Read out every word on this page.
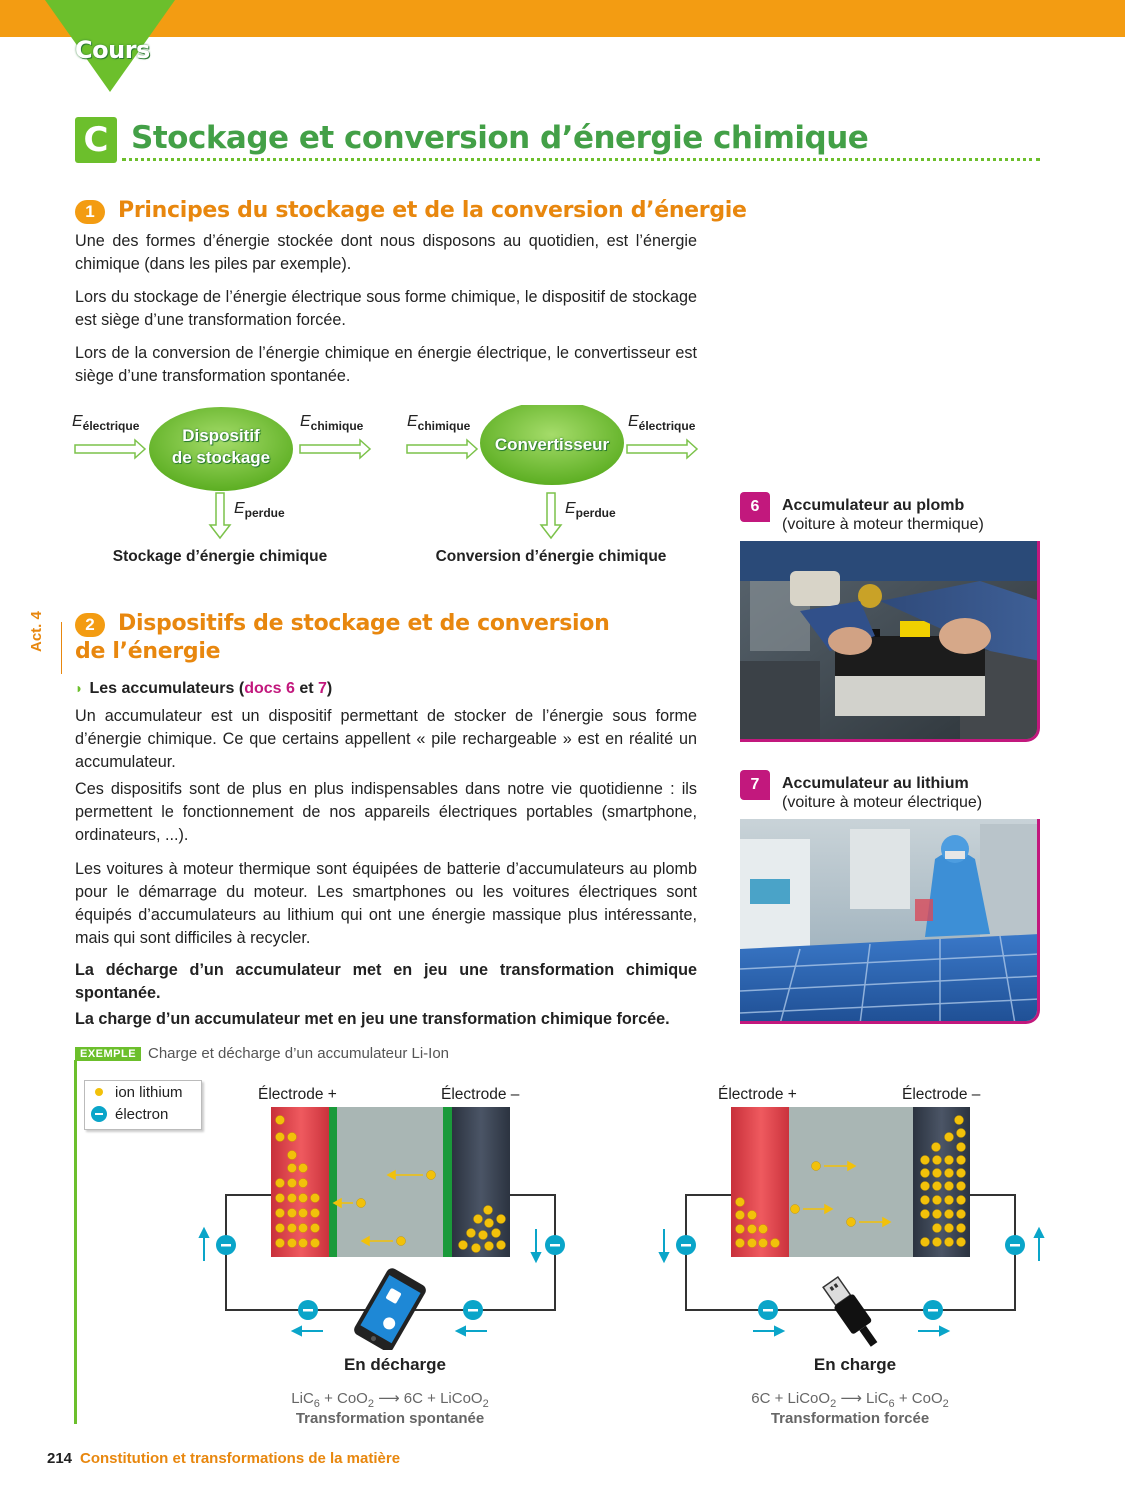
Cours
C Stockage et conversion d’énergie chimique
1	Principes du stockage et de la conversion d’énergie

Une des formes d’énergie stockée dont nous disposons au quotidien, est l’énergie chimique (dans les piles par exemple).

Lors du stockage de l’énergie électrique sous forme chimique, le dispositif de stockage est siège d’une transformation forcée.

Lors de la conversion de l’énergie chimique en énergie électrique, le convertisseur est siège d’une transformation spontanée.

Dispositif
de stockage
Convertisseur
$E_{électrique}$	$E_{chimique}$	$E_{chimique}$	$E_{électrique}$
$E_{perdue}$	$E_{perdue}$
Stockage d’énergie chimique	Conversion d’énergie chimique
6	Accumulateur au plomb
(voiture à moteur thermique)
7	Accumulateur au lithium
(voiture à moteur électrique)
Act. 4	2	Dispositifs de stockage et de conversion
de l’énergie
◗ Les accumulateurs (docs 6 et 7)

Un accumulateur est un dispositif permettant de stocker de l’énergie sous forme d’énergie chimique. Ce que certains appellent « pile rechargeable » est en réalité un accumulateur.

Ces dispositifs sont de plus en plus indispensables dans notre vie quotidienne : ils permettent le fonctionnement de nos appareils électriques portables (smartphone, ordinateurs, ...).

Les voitures à moteur thermique sont équipées de batterie d’accumulateurs au plomb pour le démarrage du moteur. Les smartphones ou les voitures électriques sont équipés d’accumulateurs au lithium qui ont une énergie massique plus intéressante, mais qui sont difficiles à recycler.

La décharge d’un accumulateur met en jeu une transformation chimique spontanée.

La charge d’un accumulateur met en jeu une transformation chimique forcée.

EXEMPLE Charge et décharge d’un accumulateur Li-Ion
ion lithium
électron
Électrode +	Électrode –	Électrode +	Électrode –
En décharge
LiC$_6$ + CoO$_2$ ⟶ 6C + LiCoO$_2$
Transformation spontanée
En charge
6C + LiCoO$_2$ ⟶ LiC$_6$ + CoO$_2$
Transformation forcée
214 Constitution et transformations de la matière
